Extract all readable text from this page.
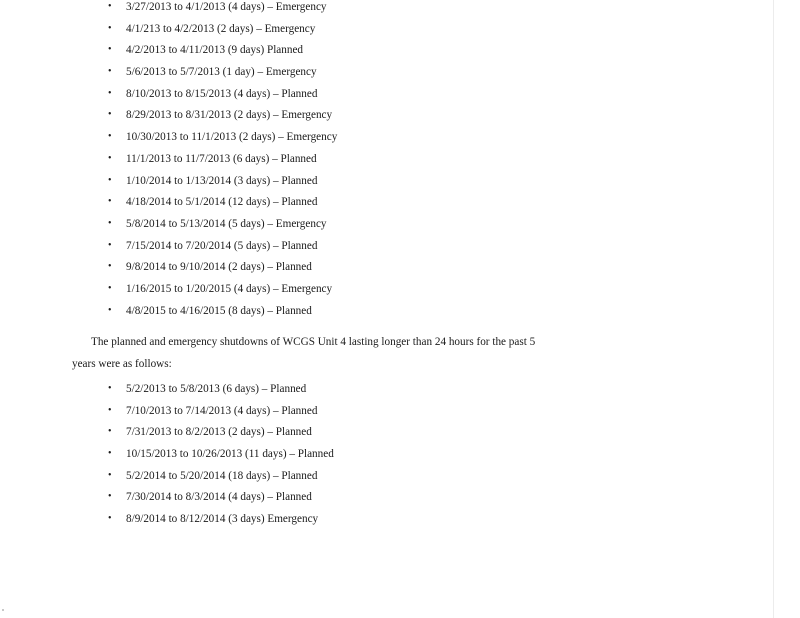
• 3/27/2013 to 4/1/2013 (4 days) – Emergency
• 4/1/213 to 4/2/2013 (2 days) – Emergency
• 4/2/2013 to 4/11/2013 (9 days) Planned
• 5/6/2013 to 5/7/2013 (1 day) – Emergency
• 8/10/2013 to 8/15/2013 (4 days) – Planned
• 8/29/2013 to 8/31/2013 (2 days) – Emergency
• 10/30/2013 to 11/1/2013 (2 days) – Emergency
• 11/1/2013 to 11/7/2013 (6 days) – Planned
• 1/10/2014 to 1/13/2014 (3 days) – Planned
• 4/18/2014 to 5/1/2014 (12 days) – Planned
• 5/8/2014 to 5/13/2014 (5 days) – Emergency
• 7/15/2014 to 7/20/2014 (5 days) – Planned
• 9/8/2014 to 9/10/2014 (2 days) – Planned
• 1/16/2015 to 1/20/2015 (4 days) – Emergency
• 4/8/2015 to 4/16/2015 (8 days) – Planned

The planned and emergency shutdowns of WCGS Unit 4 lasting longer than 24 hours for the past 5 years were as follows:

• 5/2/2013 to 5/8/2013 (6 days) – Planned
• 7/10/2013 to 7/14/2013 (4 days) – Planned
• 7/31/2013 to 8/2/2013 (2 days) – Planned
• 10/15/2013 to 10/26/2013 (11 days) – Planned
• 5/2/2014 to 5/20/2014 (18 days) – Planned
• 7/30/2014 to 8/3/2014 (4 days) – Planned
• 8/9/2014 to 8/12/2014 (3 days) Emergency
